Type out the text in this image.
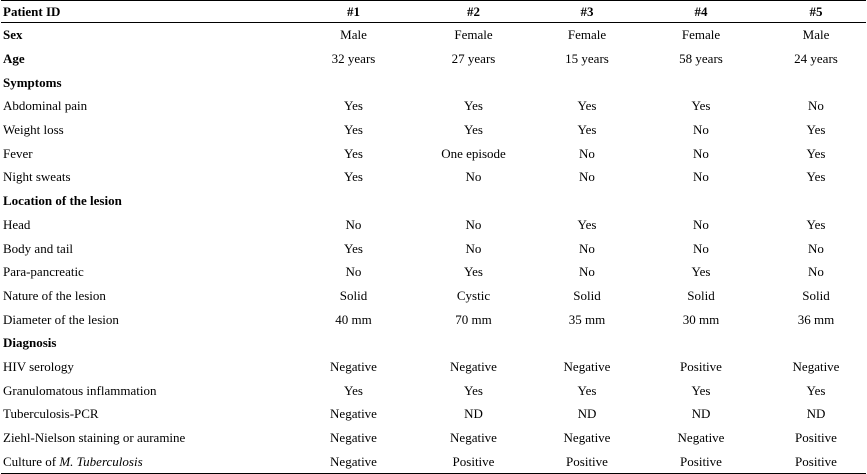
Patient ID	#1	#2	#3	#4	#5
Sex	Male	Female	Female	Female	Male
Age	32 years	27 years	15 years	58 years	24 years
Symptoms					
Abdominal pain	Yes	Yes	Yes	Yes	No
Weight loss	Yes	Yes	Yes	No	Yes
Fever	Yes	One episode	No	No	Yes
Night sweats	Yes	No	No	No	Yes
Location of the lesion					
Head	No	No	Yes	No	Yes
Body and tail	Yes	No	No	No	No
Para-pancreatic	No	Yes	No	Yes	No
Nature of the lesion	Solid	Cystic	Solid	Solid	Solid
Diameter of the lesion	40 mm	70 mm	35 mm	30 mm	36 mm
Diagnosis					
HIV serology	Negative	Negative	Negative	Positive	Negative
Granulomatous inflammation	Yes	Yes	Yes	Yes	Yes
Tuberculosis-PCR	Negative	ND	ND	ND	ND
Ziehl-Nielson staining or auramine	Negative	Negative	Negative	Negative	Positive
Culture of M. Tuberculosis	Negative	Positive	Positive	Positive	Positive
